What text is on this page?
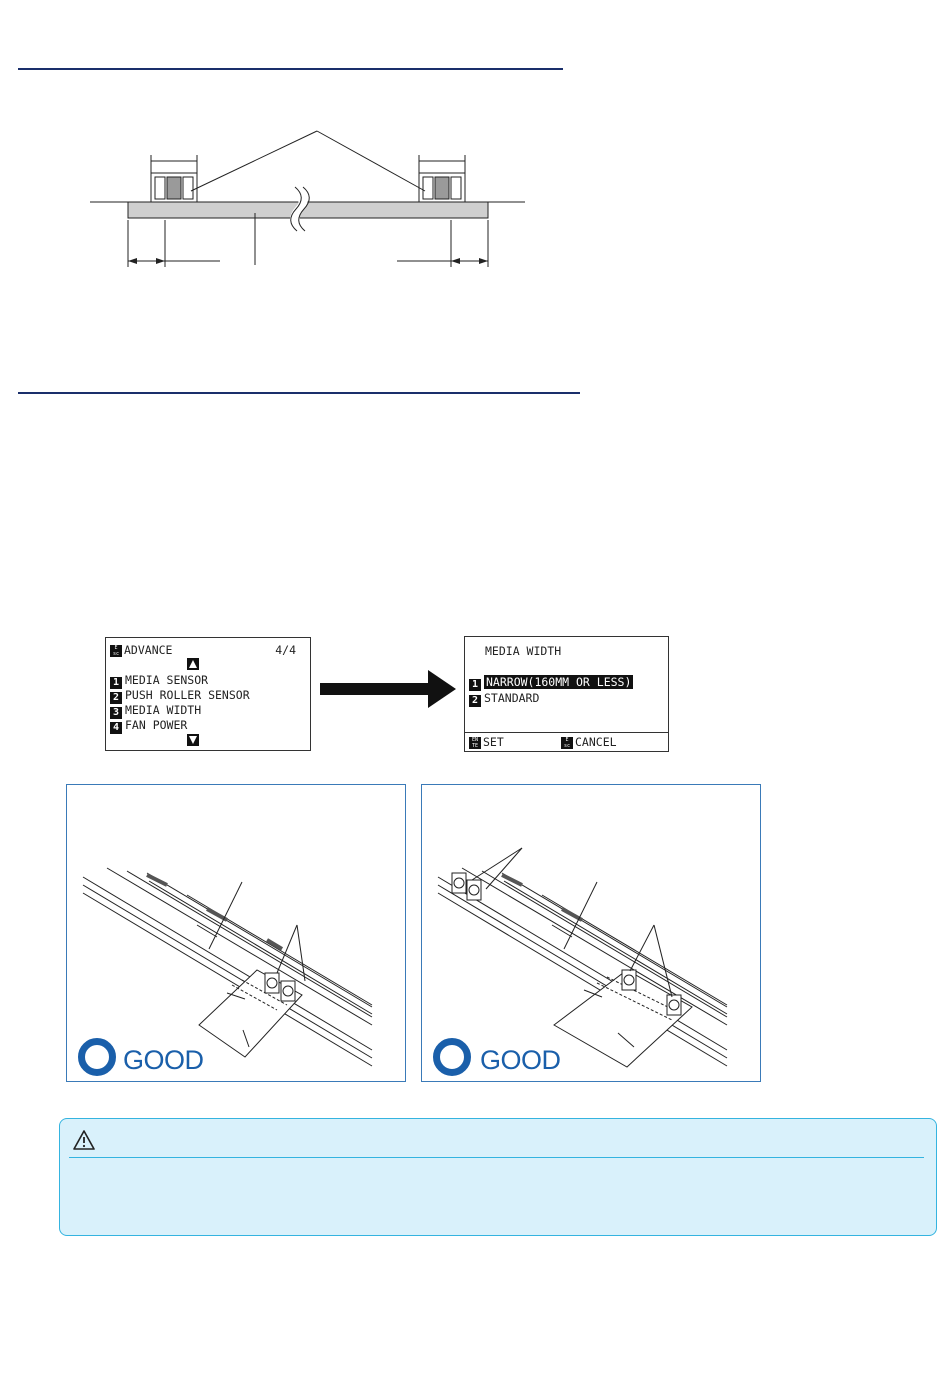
E
sc ADVANCE	4/4
1 MEDIA SENSOR
2 PUSH ROLLER SENSOR
3 MEDIA WIDTH
4 FAN POWER
MEDIA WIDTH
1 NARROW(160MM OR LESS)
2 STANDARD
EN
TE SET	E
sc CANCEL
GOOD	GOOD
